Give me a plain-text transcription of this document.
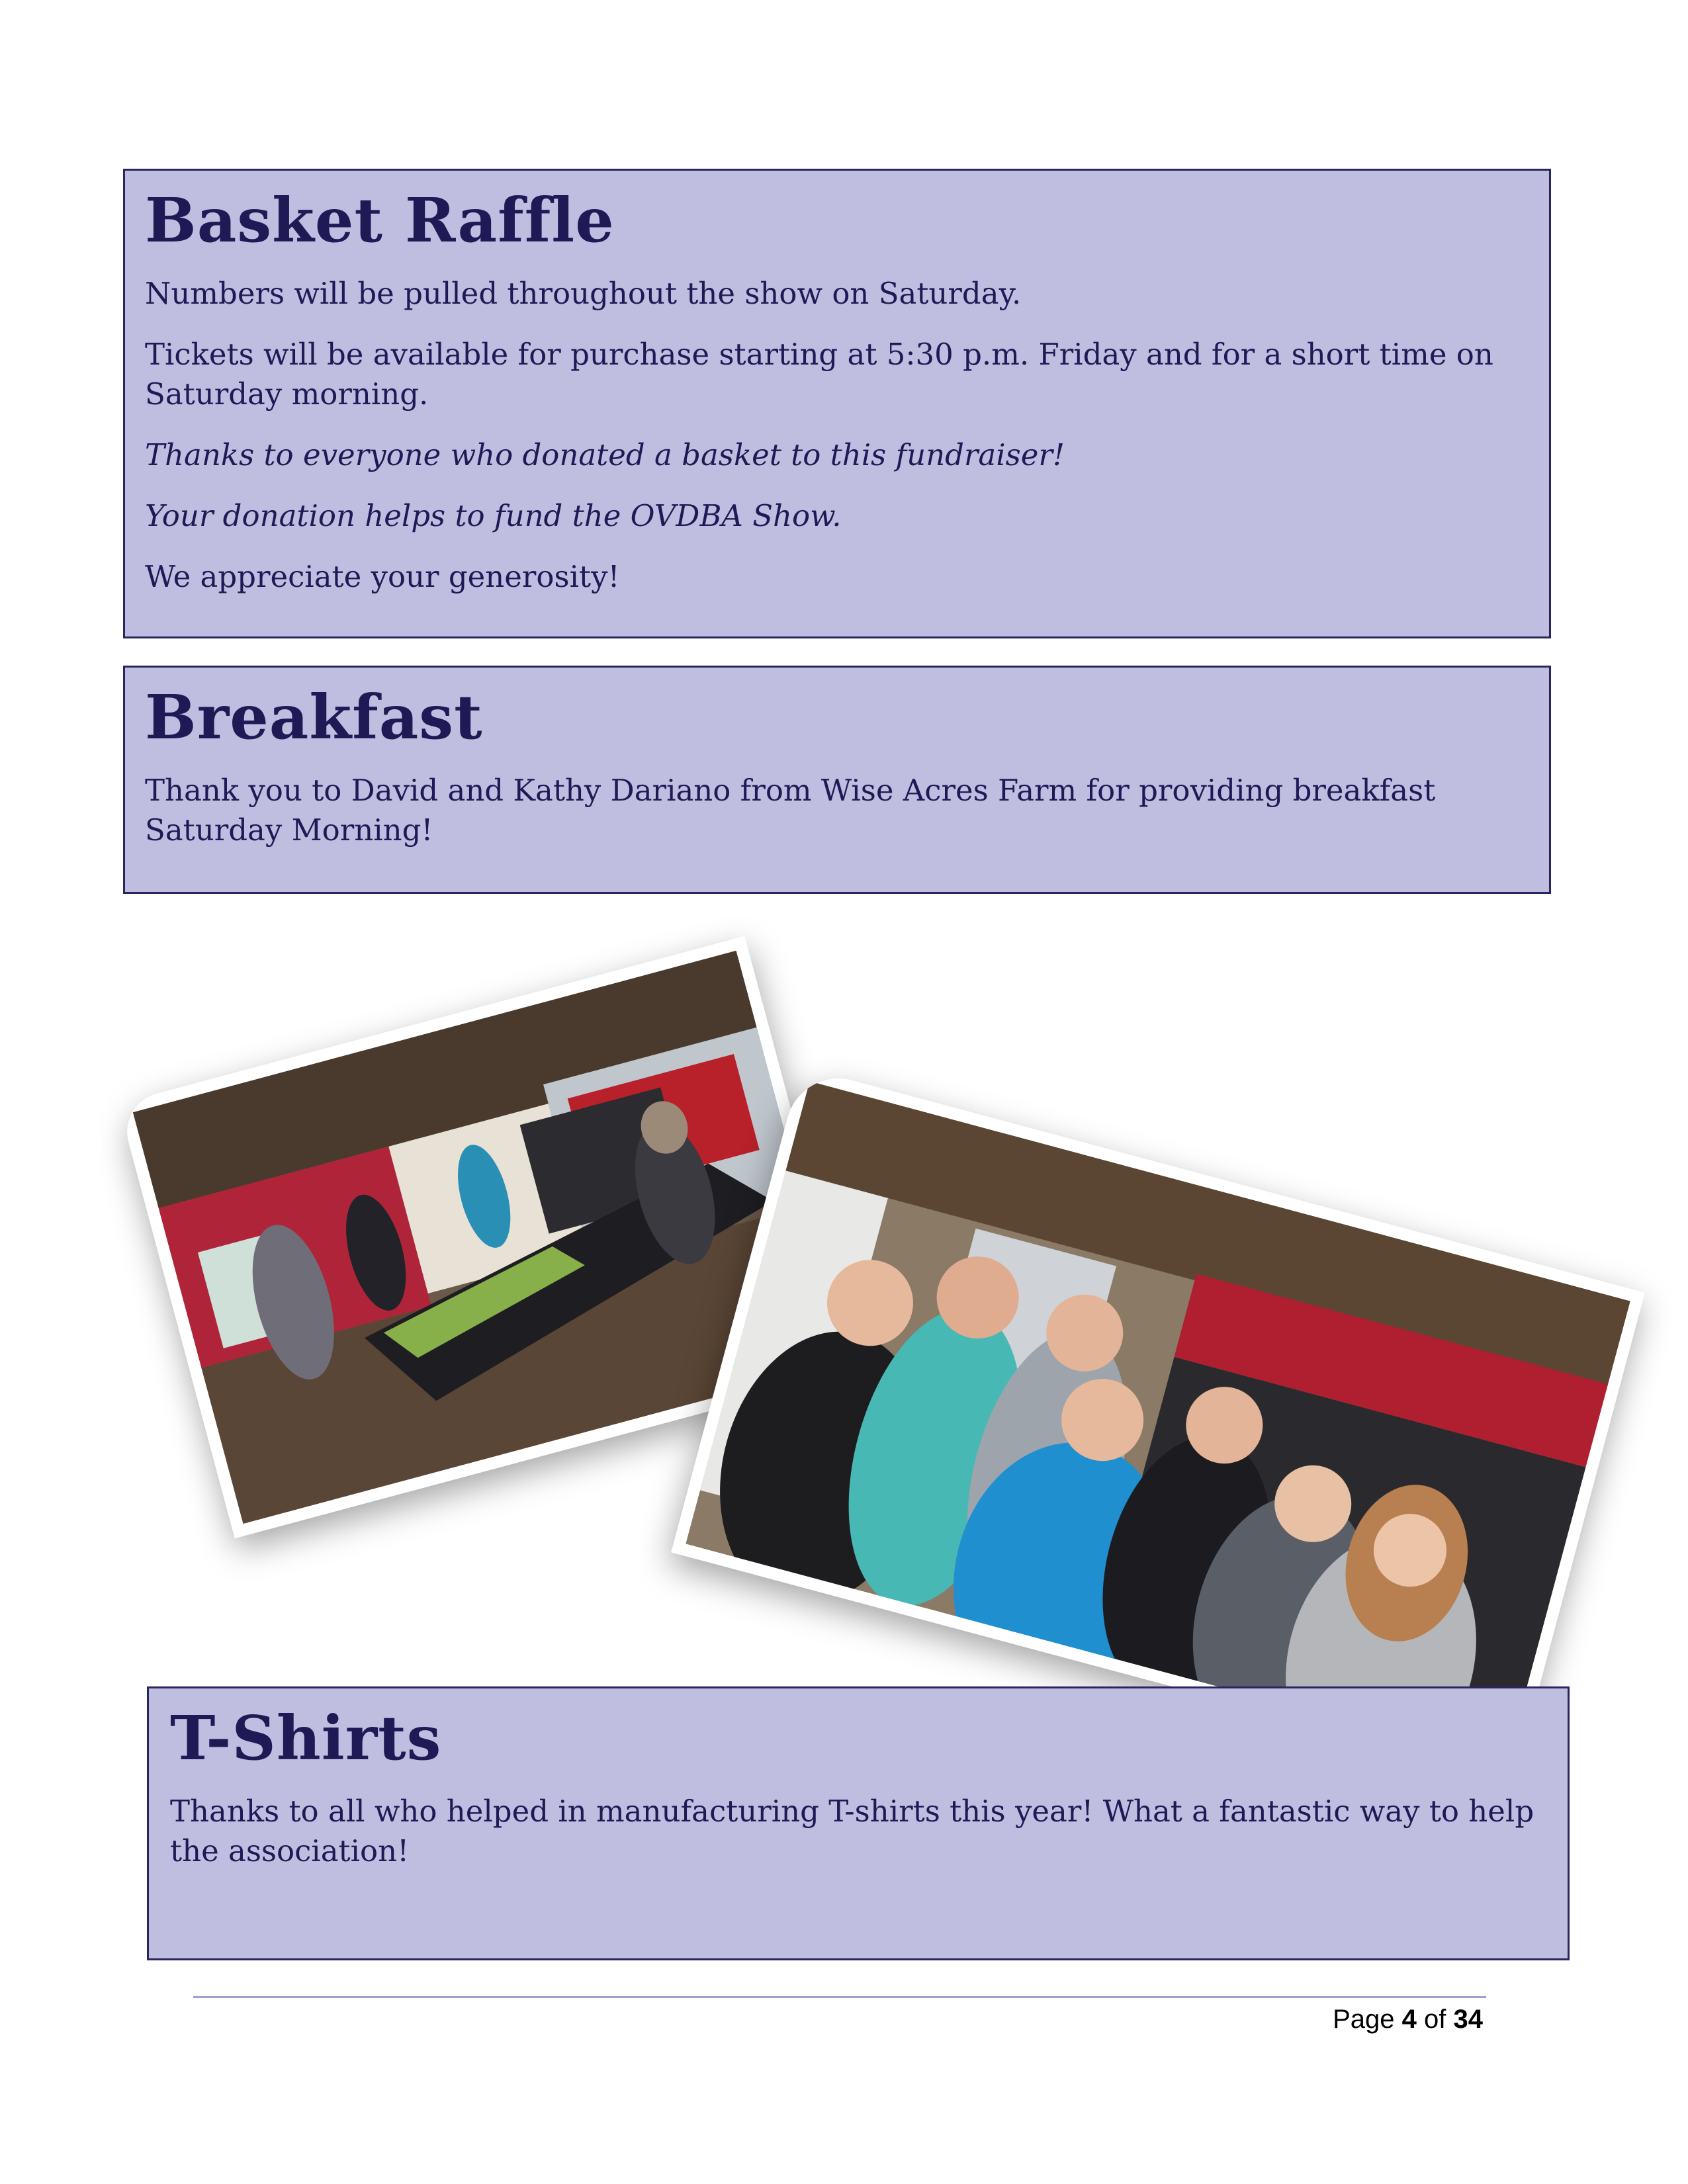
Basket Raffle

Numbers will be pulled throughout the show on Saturday.

Tickets will be available for purchase starting at 5:30 p.m. Friday and for a short time on Saturday morning.

Thanks to everyone who donated a basket to this fundraiser!

Your donation helps to fund the OVDBA Show.

We appreciate your generosity!

Breakfast

Thank you to David and Kathy Dariano from Wise Acres Farm for providing breakfast Saturday Morning!

T-Shirts

Thanks to all who helped in manufacturing T-shirts this year! What a fantastic way to help the association!

Page 4 of 34
